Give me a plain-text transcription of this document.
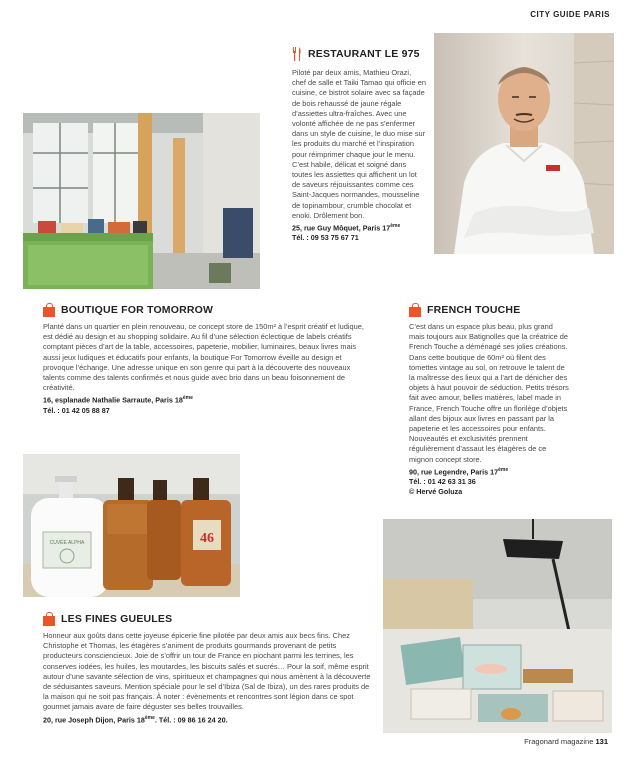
CITY GUIDE PARIS
RESTAURANT LE 975

Piloté par deux amis, Mathieu Orazi, chef de salle et Taiki Tamao qui officie en cuisine, ce bistrot solaire avec sa façade de bois rehaussé de jaune régale d’assiettes ultra-fraîches. Avec une volonté affichée de ne pas s’enfermer dans un style de cuisine, le duo mise sur les produits du marché et l’inspiration pour réimprimer chaque jour le menu. C’est habile, délicat et soigné dans toutes les assiettes qui affichent un lot de saveurs réjouissantes comme ces Saint-Jacques normandes, mousseline de topinambour, crumble chocolat et enoki. Drôlement bon.

25, rue Guy Môquet, Paris 17ème
Tél. : 09 53 75 67 71
BOUTIQUE FOR TOMORROW

Planté dans un quartier en plein renouveau, ce concept store de 150m² à l’esprit créatif et ludique, est dédié au design et au shopping solidaire. Au fil d’une sélection éclectique de labels créatifs comptant pièces d’art de la table, accessoires, papeterie, mobilier, luminaires, beaux livres mais aussi jeux ludiques et éducatifs pour enfants, la boutique For Tomorrow éveille au design et provoque l’échange. Une adresse unique en son genre qui part à la découverte des nouveaux talents comme des talents confirmés et nous guide avec brio dans un beau foisonnement de créativité.

16, esplanade Nathalie Sarraute, Paris 18ème
Tél. : 01 42 05 88 87
FRENCH TOUCHE

C’est dans un espace plus beau, plus grand mais toujours aux Batignolles que la créatrice de French Touche a déménagé ses jolies créations. Dans cette boutique de 60m² où filent des tomettes vintage au sol, on retrouve le talent de la maîtresse des lieux qui a l’art de dénicher des objets à haut pouvoir de séduction. Petits trésors fait avec amour, belles matières, label made in France, French Touche offre un florilège d’objets allant des bijoux aux livres en passant par la papeterie et les accessoires pour enfants. Nouveautés et exclusivités prennent régulièrement d’assaut les étagères de ce mignon concept store.

90, rue Legendre, Paris 17ème
Tél. : 01 42 63 31 36
© Hervé Goluza
CUVÉE ALPHA	46
LES FINES GUEULES

Honneur aux goûts dans cette joyeuse épicerie fine pilotée par deux amis aux becs fins. Chez Christophe et Thomas, les étagères s’animent de produits gourmands provenant de petits producteurs consciencieux. Joie de s’offrir un tour de France en piochant parmi les terrines, les conserves iodées, les huiles, les moutardes, les biscuits salés et sucrés… Pour la soif, même esprit autour d’une savante sélection de vins, spiritueux et champagnes qui nous amènent à la découverte de séduisantes saveurs. Mention spéciale pour le sel d’Ibiza (Sal de Ibiza), un des rares produits de la maison qui ne soit pas français. À noter : évènements et rencontres sont légion dans ce spot gourmet jamais avare de faire déguster ses belles trouvailles.

20, rue Joseph Dijon, Paris 18ème. Tél. : 09 86 16 24 20.
Fragonard magazine 131
